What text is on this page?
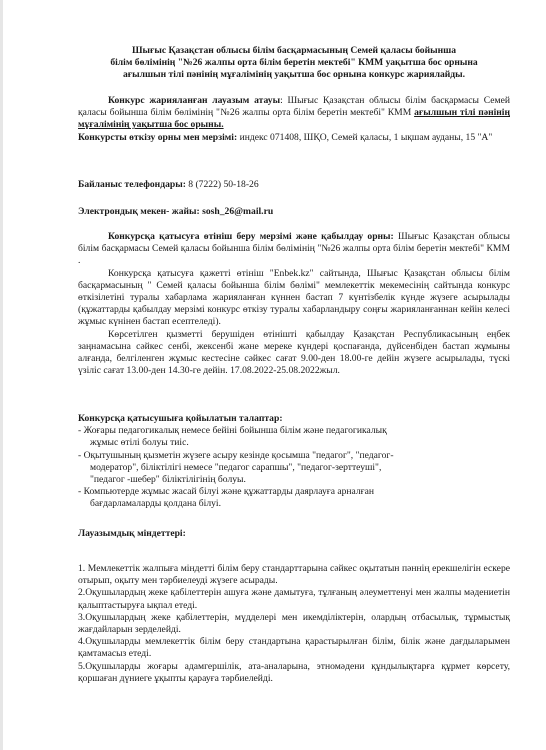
Шығыс Қазақстан облысы білім басқармасының Семей қаласы бойынша

білім бөлімінің "№26 жалпы орта білім беретін мектебі" КММ уақытша бос орнына

ағылшын тілі пәнінің мұғалімінің уақытша бос орнына конкурс жариялайды.

Конкурс жарияланған лауазым атауы: Шығыс Қазақстан облысы білім басқармасы Семей қаласы бойынша білім бөлімінің "№26 жалпы орта білім беретін мектебі" КММ ағылшын тілі пәнінің мұғалімінің уақытша бос орыны.

Конкурсты өткізу орны мен мерзімі: индекс 071408, ШҚО, Семей қаласы, 1 ықшам ауданы, 15 "А"

Байланыс телефондары: 8 (7222) 50-18-26
Электрондық мекен- жайы: sosh_26@mail.ru

Конкурсқа қатысуға өтініш беру мерзімі және қабылдау орны: Шығыс Қазақстан облысы білім басқармасы Семей қаласы бойынша білім бөлімінің "№26 жалпы орта білім беретін мектебі" КММ .

Конкурсқа қатысуға қажетті өтініш "Enbek.kz" сайтында, Шығыс Қазақстан облысы білім басқармасының " Семей қаласы бойынша білім бөлімі" мемлекеттік мекемесінің сайтында конкурс өткізілетіні туралы хабарлама жарияланған күннен бастап 7 күнтізбелік күнде жүзеге асырылады (құжаттарды қабылдау мерзімі конкурс өткізу туралы хабарландыру соңғы жарияланғаннан кейін келесі жұмыс күнінен бастап есептеледі).

Көрсетілген қызметті берушіден өтінішті қабылдау Қазақстан Республикасының еңбек заңнамасына сәйкес сенбі, жексенбі және мереке күндері қоспағанда, дүйсенбіден бастап жұмыны алғанда, белгіленген жұмыс кестесіне сәйкес сағат 9.00-ден 18.00-ге дейін жүзеге асырылады, түскі үзіліс сағат 13.00-ден 14.30-ге дейін. 17.08.2022-25.08.2022жыл.

Конкурсқа қатысушыға қойылатын талаптар:

- Жоғары педагогикалық немесе бейіні бойынша білім және педагогикалық

жұмыс өтілі болуы тиіс.

- Оқытушының қызметін жүзеге асыру кезінде қосымша "педагог", "педагог-

модератор", біліктілігі немесе "педагог сарапшы", "педагог-зерттеуші",

"педагог -шебер" біліктілігінің болуы.

- Компьютерде жұмыс жасай білуі және құжаттарды даярлауға арналған

бағдарламаларды қолдана білуі.

Лауазымдық міндеттері:

1. Мемлекеттік жалпыға міндетті білім беру стандарттарына сәйкес оқытатын пәннің ерекшелігін ескере отырып, оқыту мен тәрбиелеуді жүзеге асырады.

2.Оқушылардың жеке қабілеттерін ашуға және дамытуға, тұлғаның әлеуметтенуі мен жалпы мәдениетін қалыптастыруға ықпал етеді.

3.Оқушылардың жеке қабілеттерін, мүдделері мен икемділіктерін, олардың отбасылық, тұрмыстық жағдайларын зерделейді.

4.Оқушыларды мемлекеттік білім беру стандартына қарастырылған білім, білік және дағдыларымен қамтамасыз етеді.

5.Оқушыларды жоғары адамгершілік, ата-аналарына, этномәдени құндылықтарға құрмет көрсету, қоршаған дүниеге ұқыпты қарауға тәрбиелейді.
